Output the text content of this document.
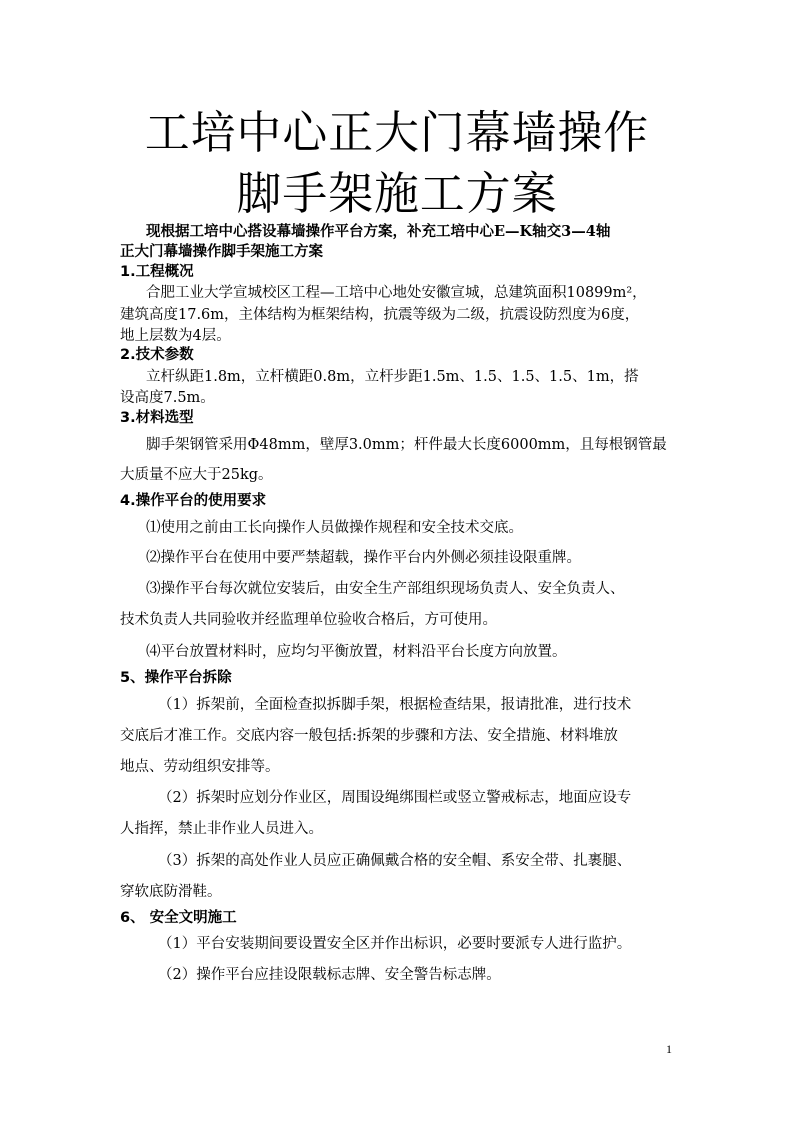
工培中心正大门幕墙操作
脚手架施工方案
现根据工培中心搭设幕墙操作平台方案，补充工培中心E—K轴交3—4轴
正大门幕墙操作脚手架施工方案
1.工程概况
合肥工业大学宣城校区工程—工培中心地处安徽宣城，总建筑面积10899m²，
建筑高度17.6m，主体结构为框架结构，抗震等级为二级，抗震设防烈度为6度，
地上层数为4层。
2.技术参数
立杆纵距1.8m，立杆横距0.8m，立杆步距1.5m、1.5、1.5、1.5、1m，搭
设高度7.5m。
3.材料选型
脚手架钢管采用Φ48mm，壁厚3.0mm；杆件最大长度6000mm，且每根钢管最
大质量不应大于25kg。
4.操作平台的使用要求
⑴使用之前由工长向操作人员做操作规程和安全技术交底。
⑵操作平台在使用中要严禁超载，操作平台内外侧必须挂设限重牌。
⑶操作平台每次就位安装后，由安全生产部组织现场负责人、安全负责人、
技术负责人共同验收并经监理单位验收合格后，方可使用。
⑷平台放置材料时，应均匀平衡放置，材料沿平台长度方向放置。
5、操作平台拆除
（1）拆架前，全面检查拟拆脚手架，根据检查结果，报请批准，进行技术
交底后才准工作。交底内容一般包括:拆架的步骤和方法、安全措施、材料堆放
地点、劳动组织安排等。
（2）拆架时应划分作业区，周围设绳绑围栏或竖立警戒标志，地面应设专
人指挥，禁止非作业人员进入。
（3）拆架的高处作业人员应正确佩戴合格的安全帽、系安全带、扎裹腿、
穿软底防滑鞋。
6、 安全文明施工
（1）平台安装期间要设置安全区并作出标识，必要时要派专人进行监护。
（2）操作平台应挂设限载标志牌、安全警告标志牌。
1
